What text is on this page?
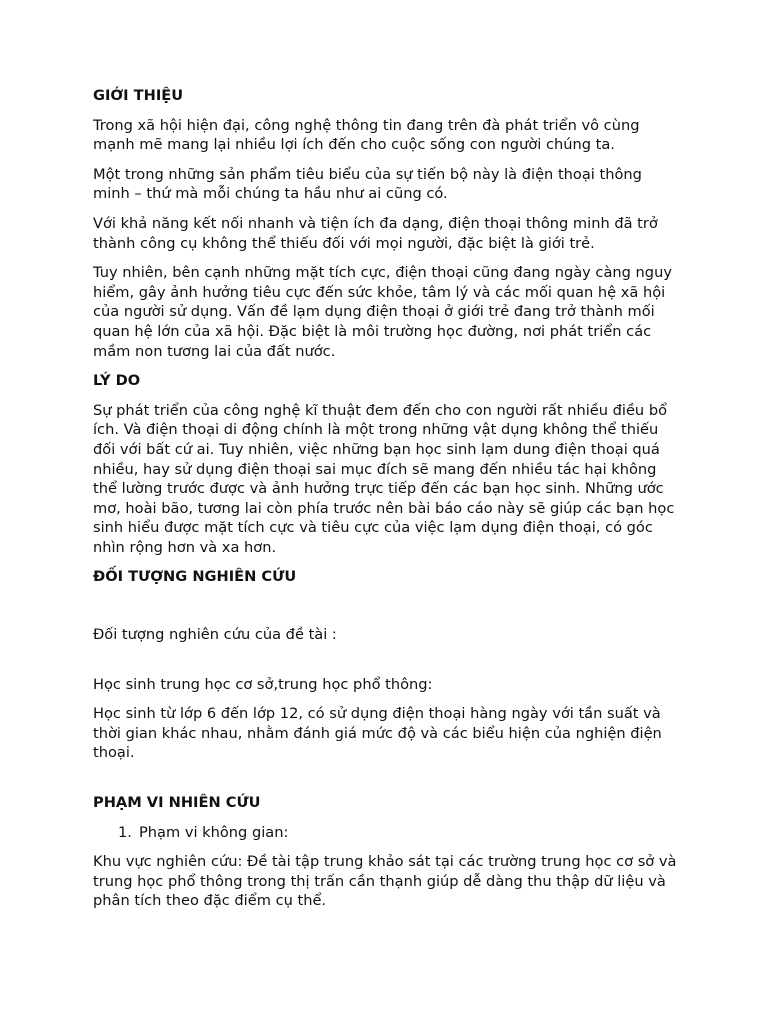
GIỚI THIỆU

Trong xã hội hiện đại, công nghệ thông tin đang trên đà phát triển vô cùng mạnh mẽ mang lại nhiều lợi ích đến cho cuộc sống con người chúng ta.

Một trong những sản phẩm tiêu biểu của sự tiến bộ này là điện thoại thông minh – thứ mà mỗi chúng ta hầu như ai cũng có.

Với khả năng kết nối nhanh và tiện ích đa dạng, điện thoại thông minh đã trở thành công cụ không thể thiếu đối với mọi người, đặc biệt là giới trẻ.

Tuy nhiên, bên cạnh những mặt tích cực, điện thoại cũng đang ngày càng nguy hiểm, gây ảnh hưởng tiêu cực đến sức khỏe, tâm lý và các mối quan hệ xã hội của người sử dụng. Vấn đề lạm dụng điện thoại ở giới trẻ đang trở thành mối quan hệ lớn của xã hội. Đặc biệt là môi trường học đường, nơi phát triển các mầm non tương lai của đất nước.

LÝ DO

Sự phát triển của công nghệ kĩ thuật đem đến cho con người rất nhiều điều bổ ích. Và điện thoại di động chính là một trong những vật dụng không thể thiếu đối với bất cứ ai. Tuy nhiên, việc những bạn học sinh lạm dung điện thoại quá nhiều, hay sử dụng điện thoại sai mục đích sẽ mang đến nhiều tác hại không thể lường trước được và ảnh hưởng trực tiếp đến các bạn học sinh. Những ước mơ, hoài bão, tương lai còn phía trước nên bài báo cáo này sẽ giúp các bạn học sinh hiểu được mặt tích cực và tiêu cực của việc lạm dụng điện thoại, có góc nhìn rộng hơn và xa hơn.

ĐỐI TƯỢNG NGHIÊN CỨU

Đối tượng nghiên cứu của đề tài :

Học sinh trung học cơ sở,trung học phổ thông:

Học sinh từ lớp 6 đến lớp 12, có sử dụng điện thoại hàng ngày với tần suất và thời gian khác nhau, nhằm đánh giá mức độ và các biểu hiện của nghiện điện thoại.

PHẠM VI NHIÊN CỨU
1. Phạm vi không gian:

Khu vực nghiên cứu: Đề tài tập trung khảo sát tại các trường trung học cơ sở và trung học phổ thông trong thị trấn cần thạnh giúp dễ dàng thu thập dữ liệu và phân tích theo đặc điểm cụ thể.
